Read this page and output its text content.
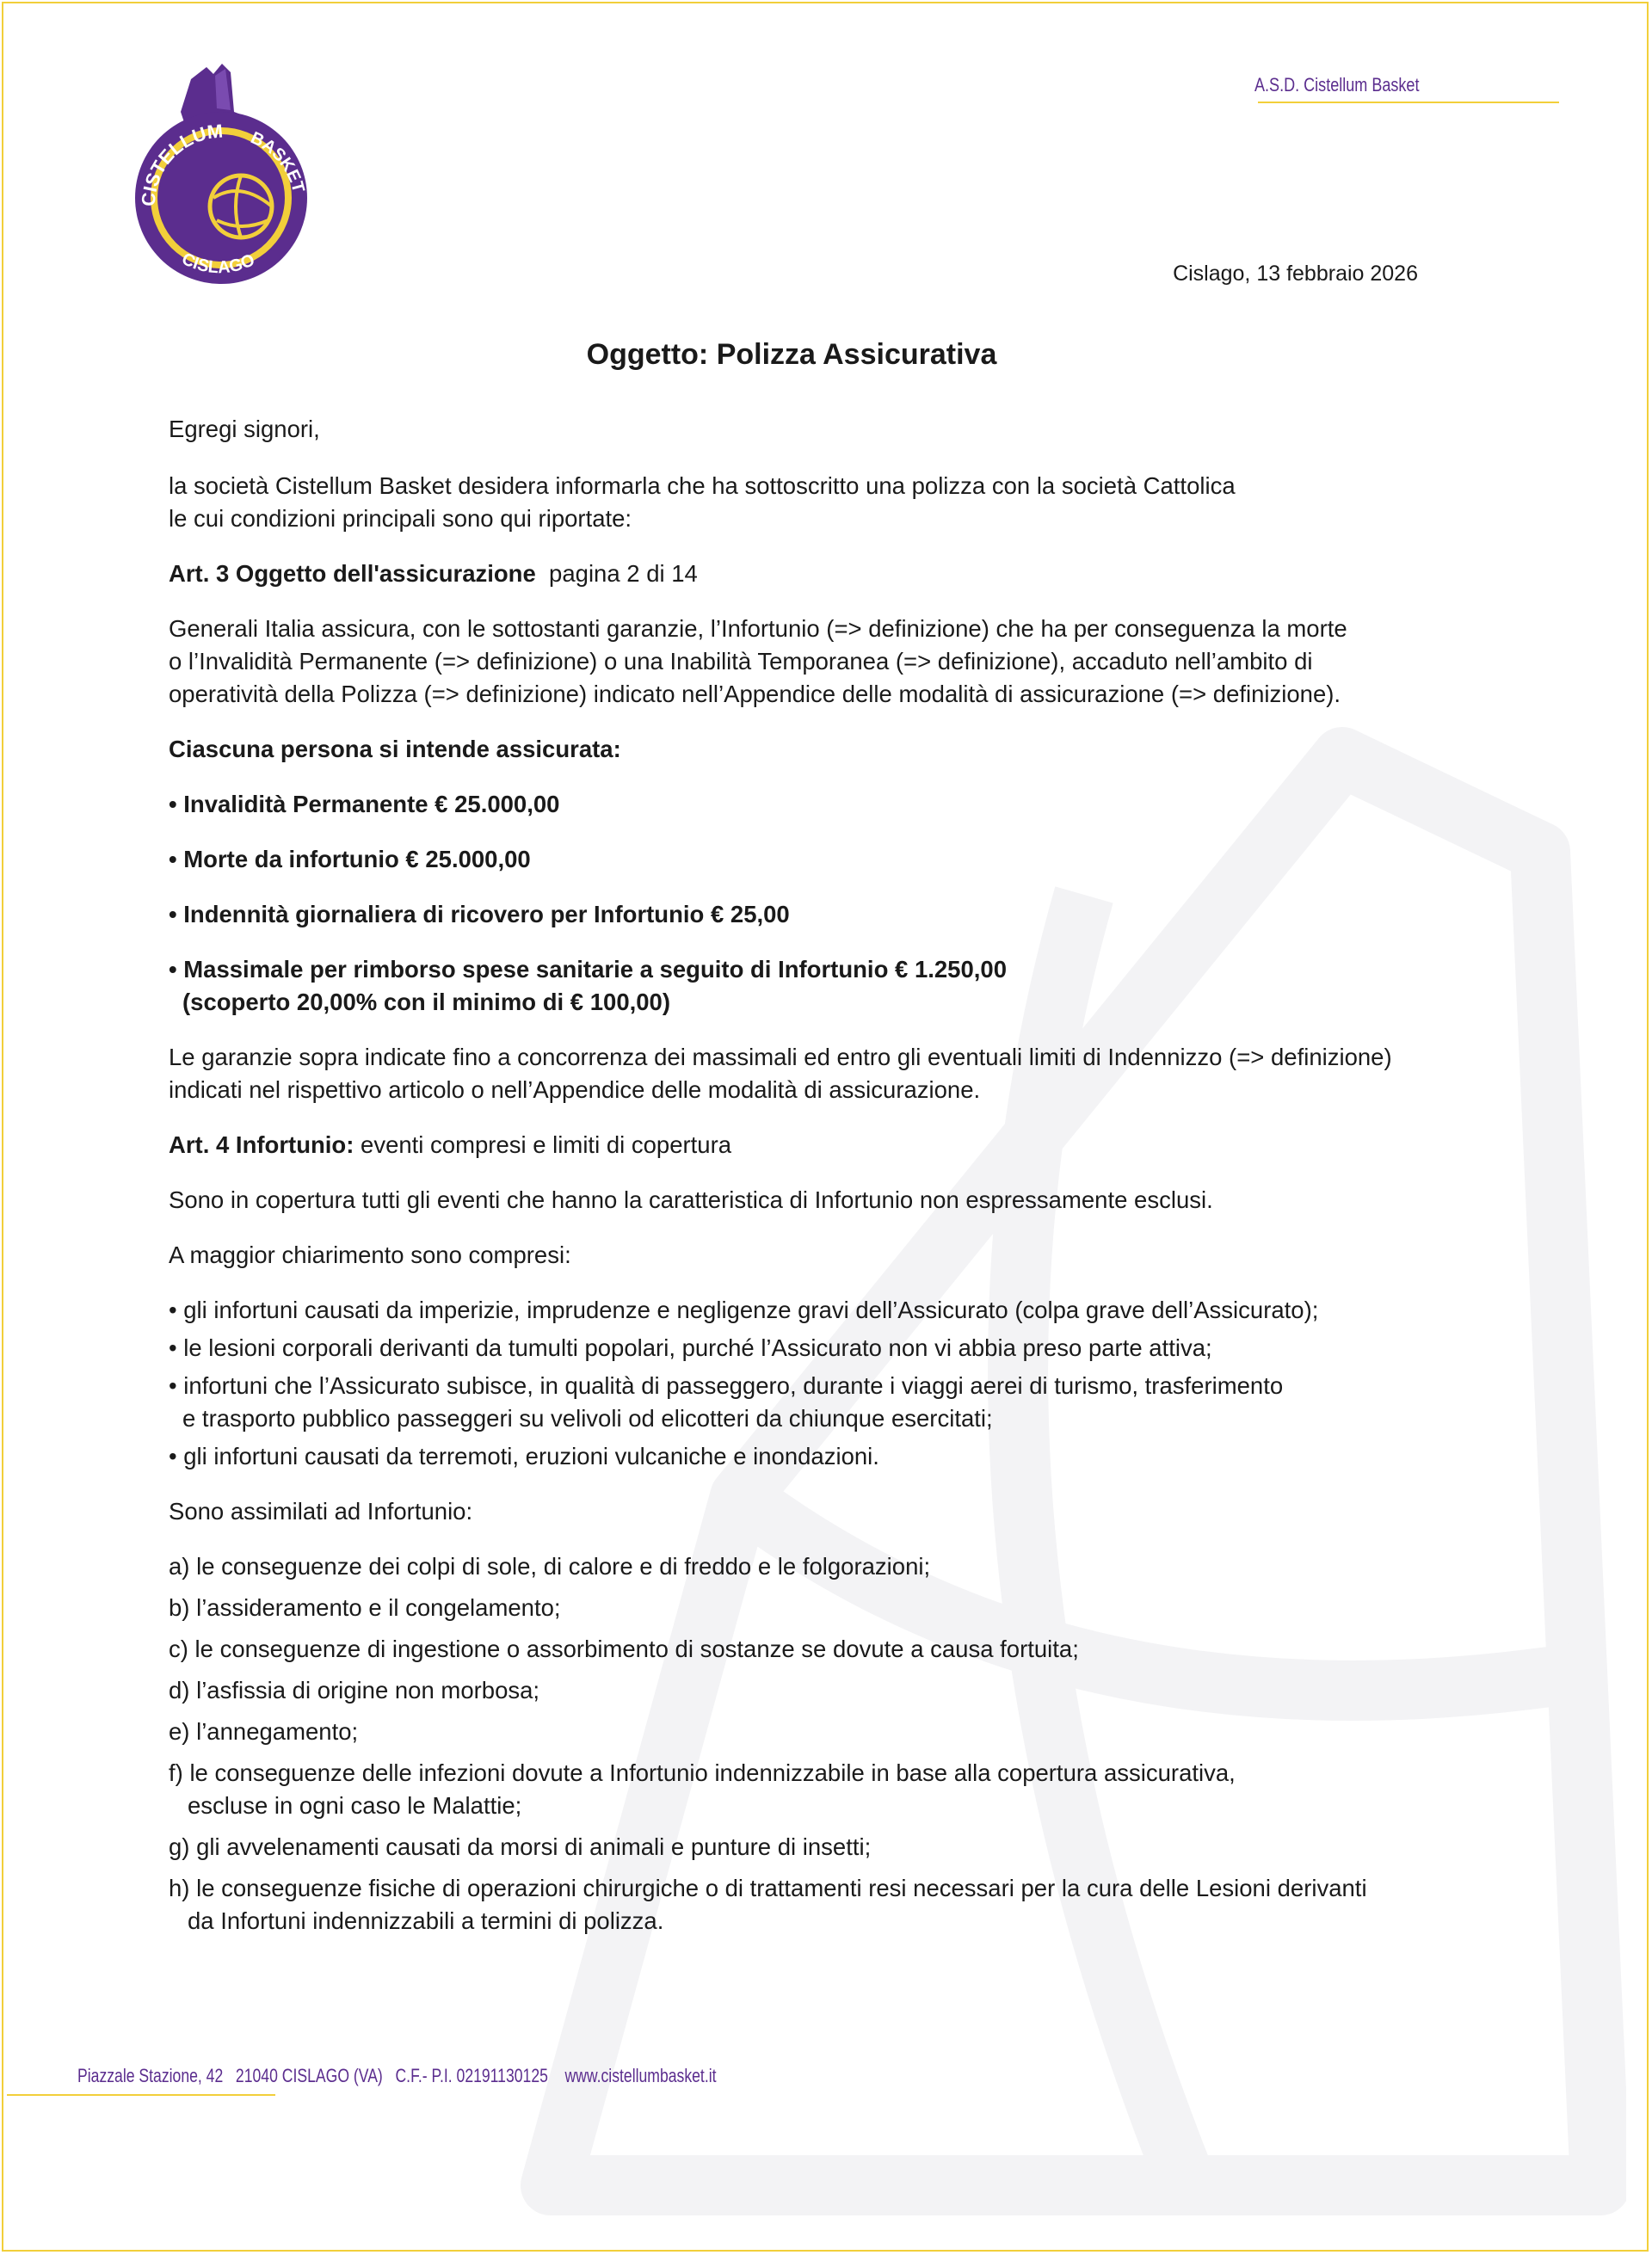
CISTELLUM BASKET
CISLAGO
A.S.D. Cistellum Basket
Cislago, 13 febbraio 2026
Oggetto: Polizza Assicurativa

Egregi signori,

la società Cistellum Basket desidera informarla che ha sottoscritto una polizza con la società Cattolica

le cui condizioni principali sono qui riportate:

Art. 3 Oggetto dell'assicurazione  pagina 2 di 14

Generali Italia assicura, con le sottostanti garanzie, l’Infortunio (=> definizione) che ha per conseguenza la morte

o l’Invalidità Permanente (=> definizione) o una Inabilità Temporanea (=> definizione), accaduto nell’ambito di

operatività della Polizza (=> definizione) indicato nell’Appendice delle modalità di assicurazione (=> definizione).

Ciascuna persona si intende assicurata:

• Invalidità Permanente € 25.000,00

• Morte da infortunio € 25.000,00

• Indennità giornaliera di ricovero per Infortunio € 25,00

• Massimale per rimborso spese sanitarie a seguito di Infortunio € 1.250,00

(scoperto 20,00% con il minimo di € 100,00)

Le garanzie sopra indicate fino a concorrenza dei massimali ed entro gli eventuali limiti di Indennizzo (=> definizione)

indicati nel rispettivo articolo o nell’Appendice delle modalità di assicurazione.

Art. 4 Infortunio: eventi compresi e limiti di copertura

Sono in copertura tutti gli eventi che hanno la caratteristica di Infortunio non espressamente esclusi.

A maggior chiarimento sono compresi:

• gli infortuni causati da imperizie, imprudenze e negligenze gravi dell’Assicurato (colpa grave dell’Assicurato);

• le lesioni corporali derivanti da tumulti popolari, purché l’Assicurato non vi abbia preso parte attiva;

• infortuni che l’Assicurato subisce, in qualità di passeggero, durante i viaggi aerei di turismo, trasferimento

e trasporto pubblico passeggeri su velivoli od elicotteri da chiunque esercitati;

• gli infortuni causati da terremoti, eruzioni vulcaniche e inondazioni.

Sono assimilati ad Infortunio:

a) le conseguenze dei colpi di sole, di calore e di freddo e le folgorazioni;

b) l’assideramento e il congelamento;

c) le conseguenze di ingestione o assorbimento di sostanze se dovute a causa fortuita;

d) l’asfissia di origine non morbosa;

e) l’annegamento;

f) le conseguenze delle infezioni dovute a Infortunio indennizzabile in base alla copertura assicurativa,

escluse in ogni caso le Malattie;

g) gli avvelenamenti causati da morsi di animali e punture di insetti;

h) le conseguenze fisiche di operazioni chirurgiche o di trattamenti resi necessari per la cura delle Lesioni derivanti

da Infortuni indennizzabili a termini di polizza.

Piazzale Stazione, 42   21040 CISLAGO (VA)   C.F.- P.I. 02191130125    www.cistellumbasket.it
